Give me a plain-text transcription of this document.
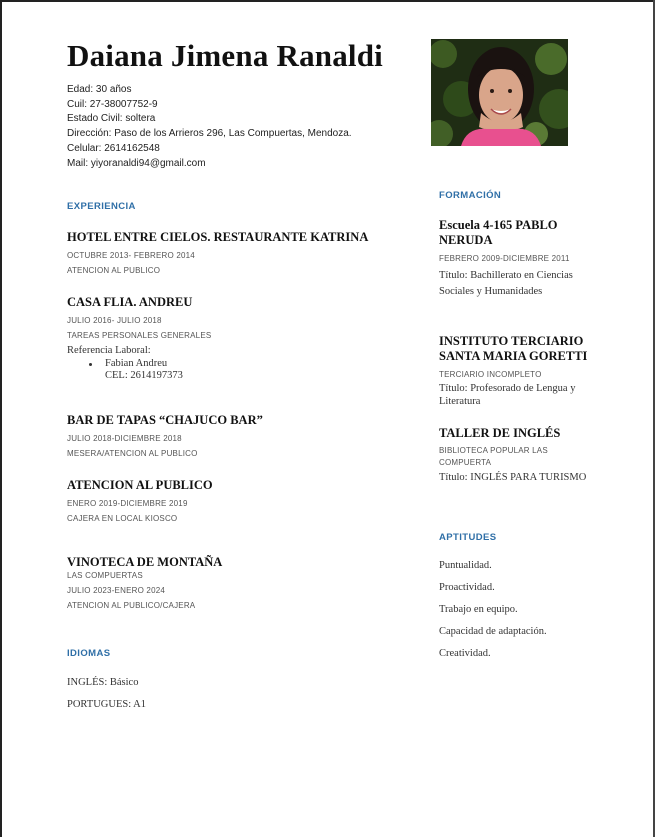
Daiana Jimena Ranaldi
Edad: 30 años
Cuil: 27-38007752-9
Estado Civil: soltera
Dirección: Paso de los Arrieros 296, Las Compuertas, Mendoza.
Celular: 2614162548
Mail: yiyoranaldi94@gmail.com
EXPERIENCIA
HOTEL ENTRE CIELOS. RESTAURANTE KATRINA
OCTUBRE 2013- FEBRERO 2014
ATENCION AL PUBLICO
CASA FLIA. ANDREU
JULIO 2016- JULIO 2018
TAREAS PERSONALES GENERALES
Referencia Laboral:
Fabian Andreu
CEL: 2614197373
BAR DE TAPAS “CHAJUCO BAR”
JULIO 2018-DICIEMBRE 2018
MESERA/ATENCION AL PUBLICO
ATENCION AL PUBLICO
ENERO 2019-DICIEMBRE 2019
CAJERA EN LOCAL KIOSCO
VINOTECA DE MONTAÑA
LAS COMPUERTAS
JULIO 2023-ENERO 2024
ATENCION AL PUBLICO/CAJERA
IDIOMAS
INGLÉS: Básico
PORTUGUES: A1
FORMACIÓN
Escuela 4-165 PABLO NERUDA
FEBRERO 2009-DICIEMBRE 2011
Título: Bachillerato en Ciencias Sociales y Humanidades
INSTITUTO TERCIARIO SANTA MARIA GORETTI
TERCIARIO INCOMPLETO
Título: Profesorado de Lengua y Literatura
TALLER DE INGLÉS
BIBLIOTECA POPULAR LAS COMPUERTA
Título: INGLÉS PARA TURISMO
APTITUDES
Puntualidad.
Proactividad.
Trabajo en equipo.
Capacidad de adaptación.
Creatividad.
